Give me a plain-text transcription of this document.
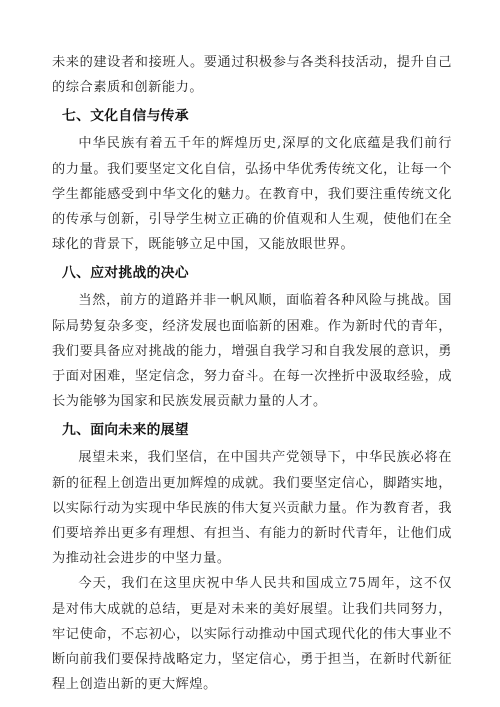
未来的建设者和接班人。要通过积极参与各类科技活动，提升自己的综合素质和创新能力。

七、文化自信与传承

中华民族有着五千年的辉煌历史,深厚的文化底蕴是我们前行的力量。我们要坚定文化自信，弘扬中华优秀传统文化，让每一个学生都能感受到中华文化的魅力。在教育中，我们要注重传统文化的传承与创新，引导学生树立正确的价值观和人生观，使他们在全球化的背景下，既能够立足中国，又能放眼世界。

八、应对挑战的决心

当然，前方的道路并非一帆风顺，面临着各种风险与挑战。国际局势复杂多变，经济发展也面临新的困难。作为新时代的青年，我们要具备应对挑战的能力，增强自我学习和自我发展的意识，勇于面对困难，坚定信念，努力奋斗。在每一次挫折中汲取经验，成长为能够为国家和民族发展贡献力量的人才。

九、面向未来的展望

展望未来，我们坚信，在中国共产党领导下，中华民族必将在新的征程上创造出更加辉煌的成就。我们要坚定信心，脚踏实地，以实际行动为实现中华民族的伟大复兴贡献力量。作为教育者，我们要培养出更多有理想、有担当、有能力的新时代青年，让他们成为推动社会进步的中坚力量。

今天，我们在这里庆祝中华人民共和国成立75周年，这不仅是对伟大成就的总结，更是对未来的美好展望。让我们共同努力，牢记使命，不忘初心，以实际行动推动中国式现代化的伟大事业不断向前我们要保持战略定力，坚定信心，勇于担当，在新时代新征程上创造出新的更大辉煌。
